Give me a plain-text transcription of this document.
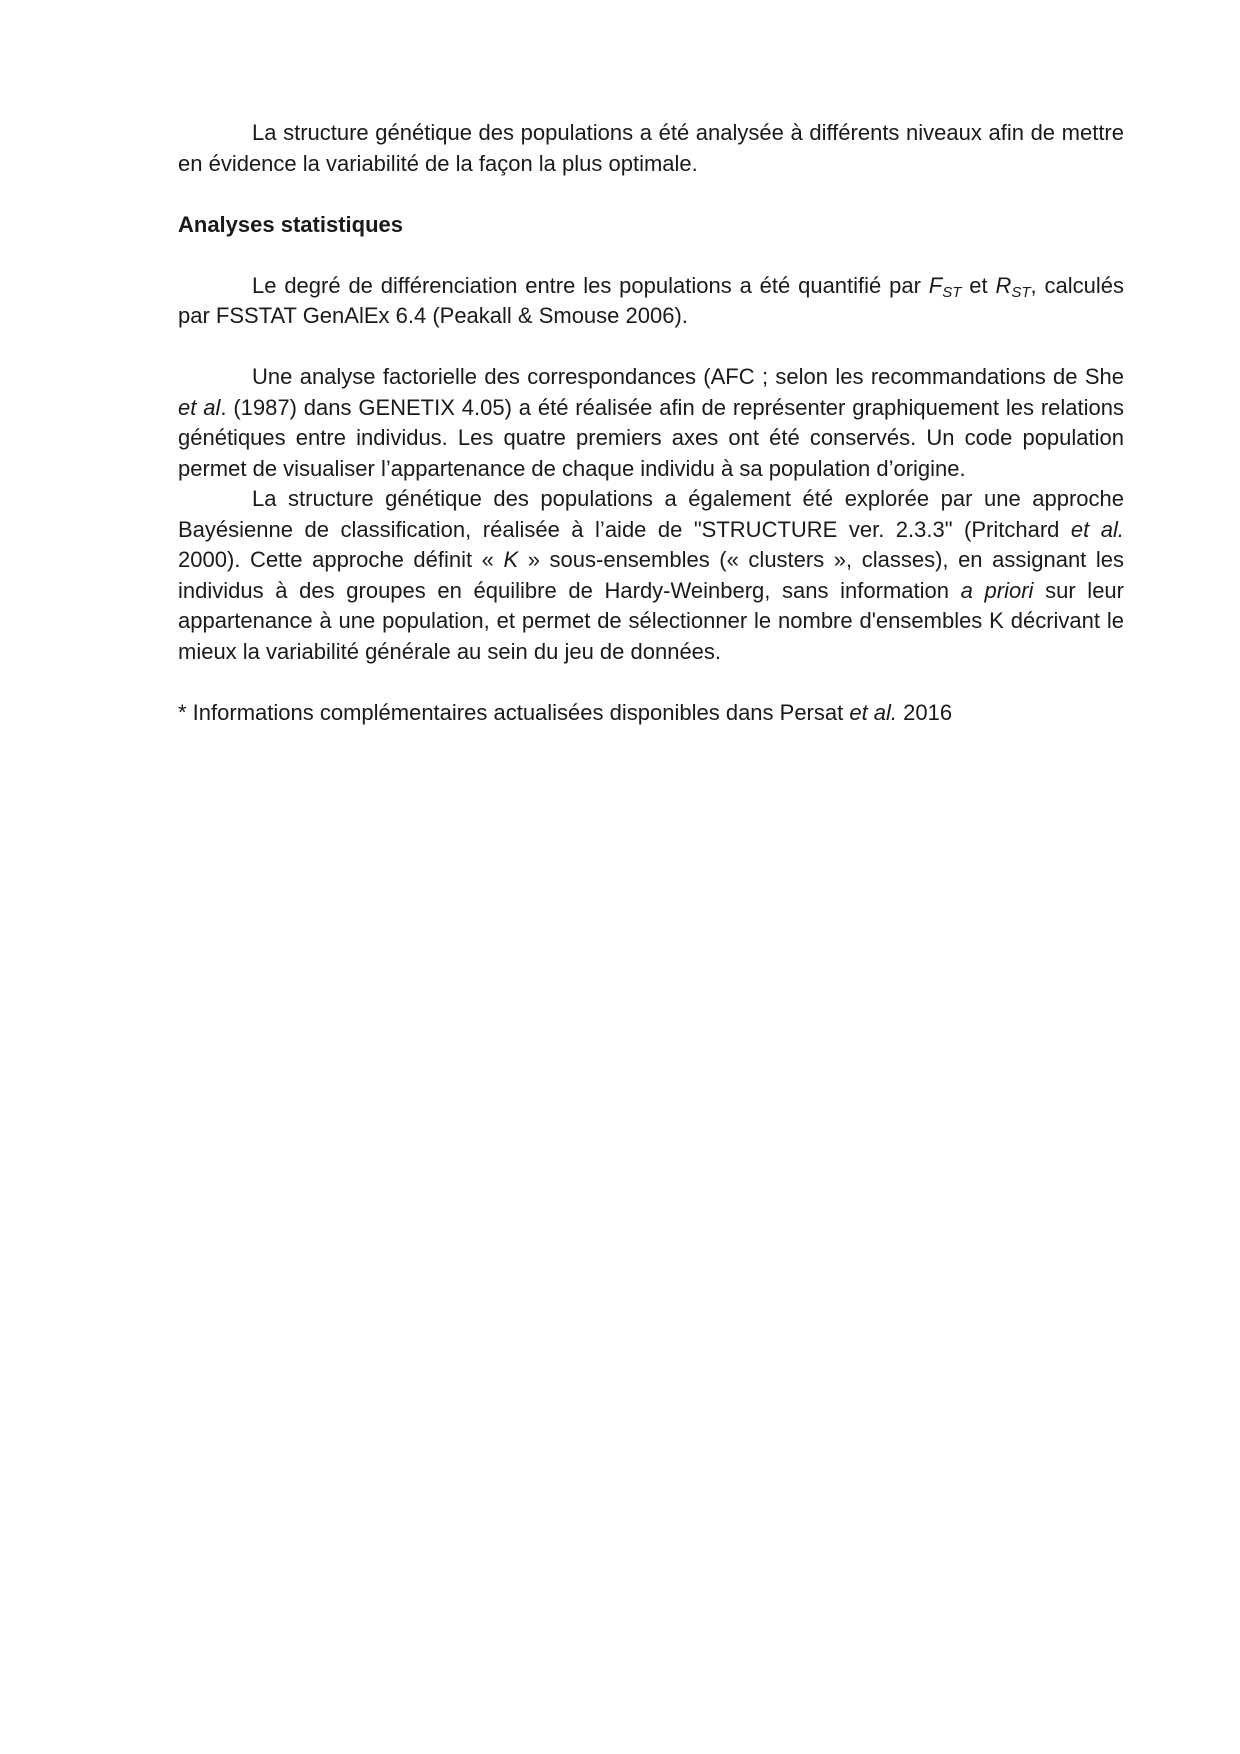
La structure génétique des populations a été analysée à différents niveaux afin de mettre en évidence la variabilité de la façon la plus optimale.

Analyses statistiques

Le degré de différenciation entre les populations a été quantifié par $F_{ST}$ et $R_{ST}$, calculés par FSSTAT GenAlEx 6.4 (Peakall & Smouse 2006).

Une analyse factorielle des correspondances (AFC ; selon les recommandations de She et al. (1987) dans GENETIX 4.05) a été réalisée afin de représenter graphiquement les relations génétiques entre individus. Les quatre premiers axes ont été conservés. Un code population permet de visualiser l’appartenance de chaque individu à sa population d’origine.

La structure génétique des populations a également été explorée par une approche Bayésienne de classification, réalisée à l’aide de "STRUCTURE ver. 2.3.3" (Pritchard et al. 2000). Cette approche définit « K » sous-ensembles (« clusters », classes), en assignant les individus à des groupes en équilibre de Hardy-Weinberg, sans information a priori sur leur appartenance à une population, et permet de sélectionner le nombre d'ensembles K décrivant le mieux la variabilité générale au sein du jeu de données.

* Informations complémentaires actualisées disponibles dans Persat et al. 2016
